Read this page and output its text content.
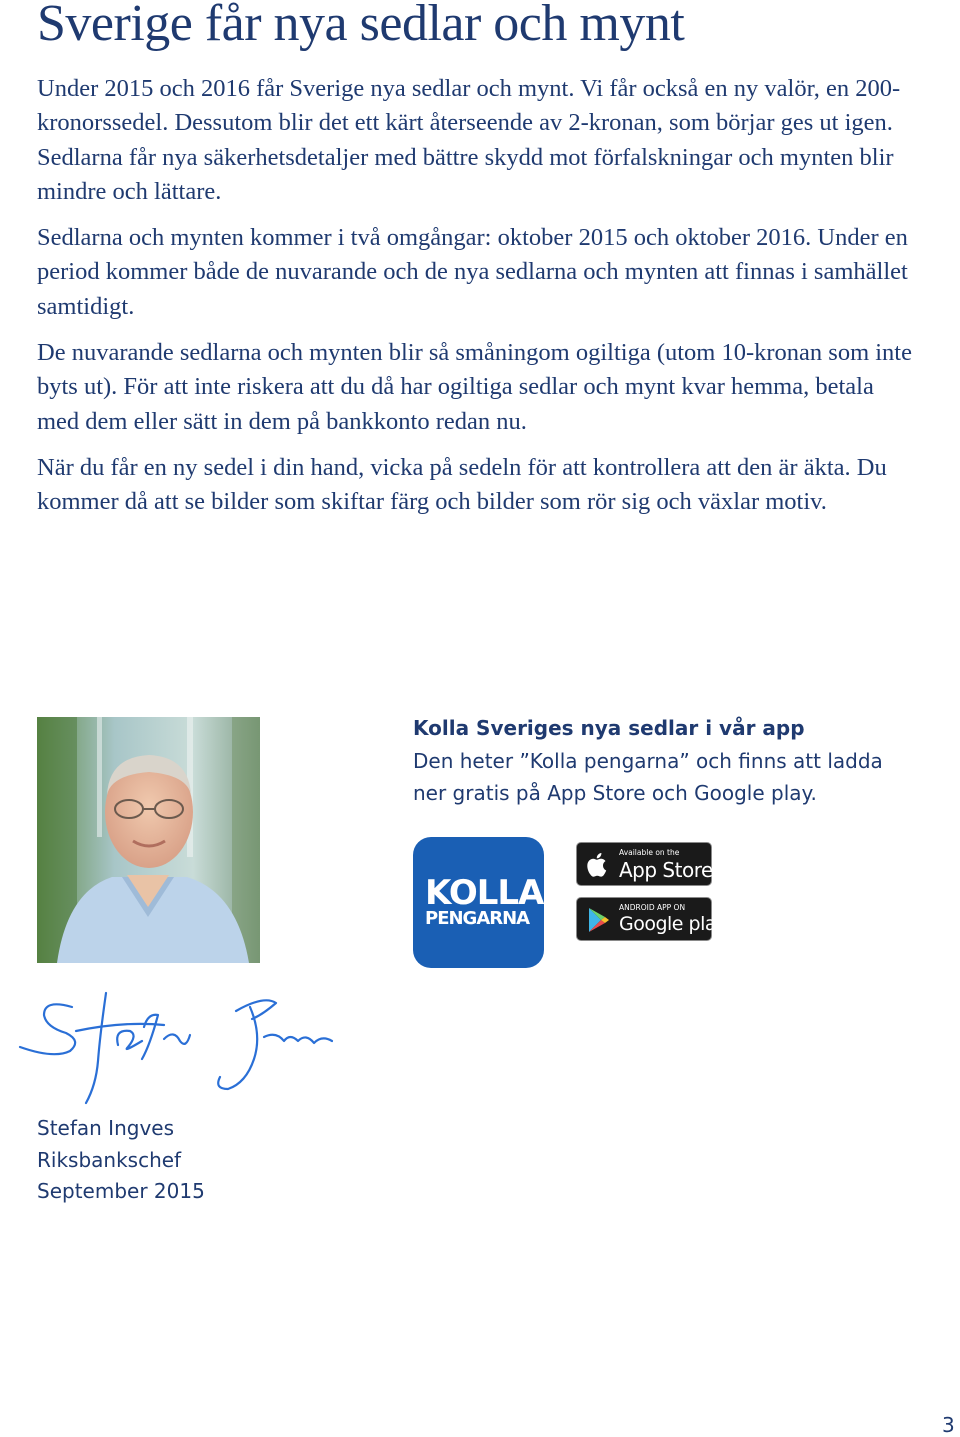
Sverige får nya sedlar och mynt

Under 2015 och 2016 får Sverige nya sedlar och mynt. Vi får också en ny valör, en 200-kronorssedel. Dessutom blir det ett kärt återseende av 2-kronan, som börjar ges ut igen. Sedlarna får nya säkerhetsdetaljer med bättre skydd mot förfalskningar och mynten blir mindre och lättare.

Sedlarna och mynten kommer i två omgångar: oktober 2015 och oktober 2016. Under en period kommer både de nuvarande och de nya sedlarna och mynten att finnas i samhället samtidigt.

De nuvarande sedlarna och mynten blir så småningom ogiltiga (utom 10-kronan som inte byts ut). För att inte riskera att du då har ogiltiga sedlar och mynt kvar hemma, betala med dem eller sätt in dem på bankkonto redan nu.

När du får en ny sedel i din hand, vicka på sedeln för att kontrollera att den är äkta. Du kommer då att se bilder som skiftar färg och bilder som rör sig och växlar motiv.

Kolla Sveriges nya sedlar i vår app

Den heter ”Kolla pengarna” och finns att ladda ner gratis på App Store och Google play.

KOLLA
PENGARNA
Available on the
App Store
ANDROID APP ON
Google play

Stefan Ingves

Riksbankschef

September 2015

3
